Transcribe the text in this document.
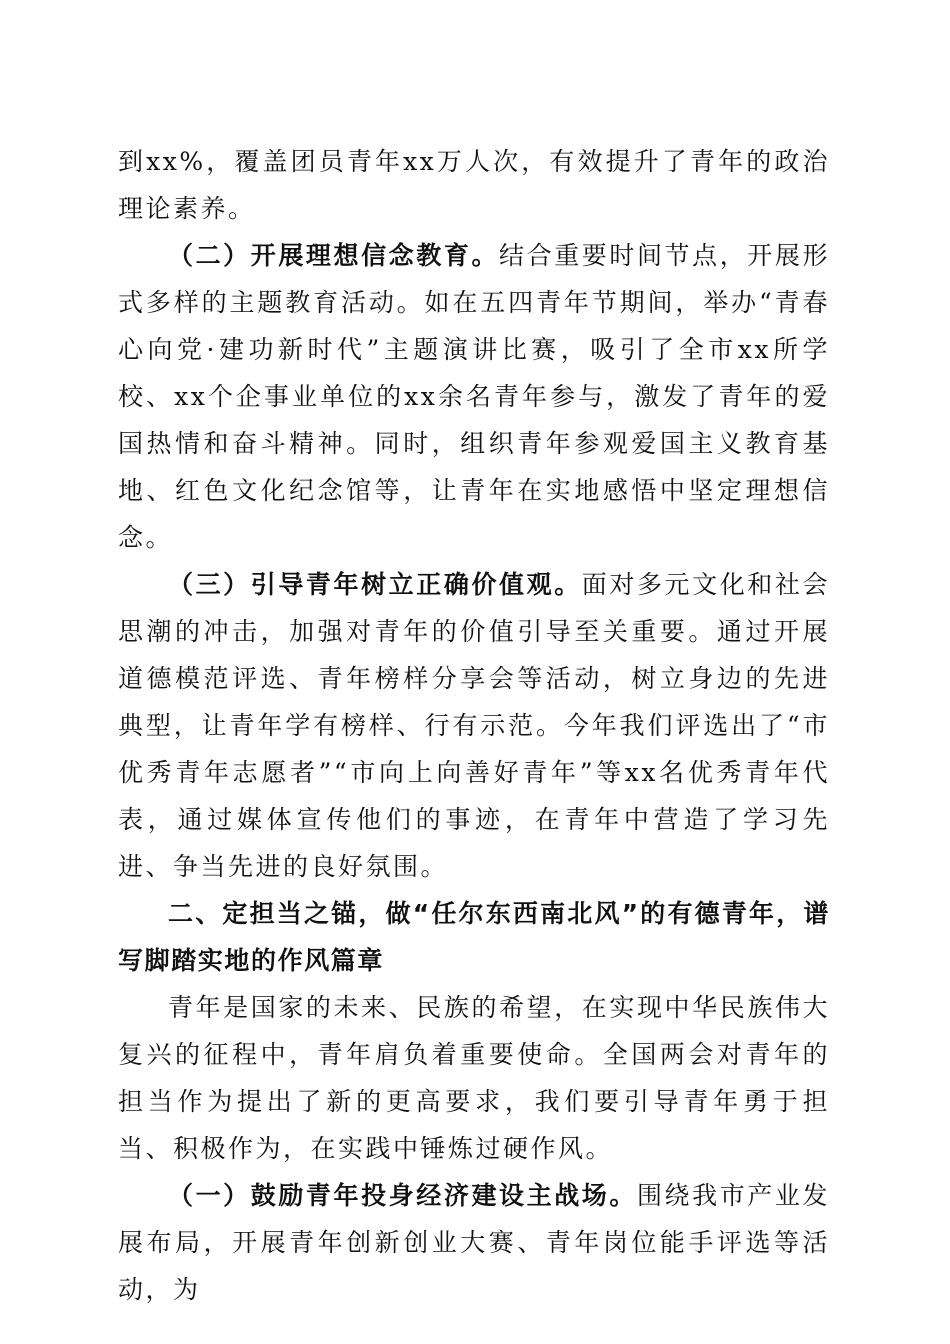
到xx%，覆盖团员青年xx万人次，有效提升了青年的政治理论素养。

（二）开展理想信念教育。结合重要时间节点，开展形式多样的主题教育活动。如在五四青年节期间，举办“青春心向党·建功新时代”主题演讲比赛，吸引了全市xx所学校、xx个企事业单位的xx余名青年参与，激发了青年的爱国热情和奋斗精神。同时，组织青年参观爱国主义教育基地、红色文化纪念馆等，让青年在实地感悟中坚定理想信念。

（三）引导青年树立正确价值观。面对多元文化和社会思潮的冲击，加强对青年的价值引导至关重要。通过开展道德模范评选、青年榜样分享会等活动，树立身边的先进典型，让青年学有榜样、行有示范。今年我们评选出了“市优秀青年志愿者”“市向上向善好青年”等xx名优秀青年代表，通过媒体宣传他们的事迹，在青年中营造了学习先进、争当先进的良好氛围。

二、定担当之锚，做“任尔东西南北风”的有德青年，谱写脚踏实地的作风篇章

青年是国家的未来、民族的希望，在实现中华民族伟大复兴的征程中，青年肩负着重要使命。全国两会对青年的担当作为提出了新的更高要求，我们要引导青年勇于担当、积极作为，在实践中锤炼过硬作风。

（一）鼓励青年投身经济建设主战场。围绕我市产业发展布局，开展青年创新创业大赛、青年岗位能手评选等活动，为
